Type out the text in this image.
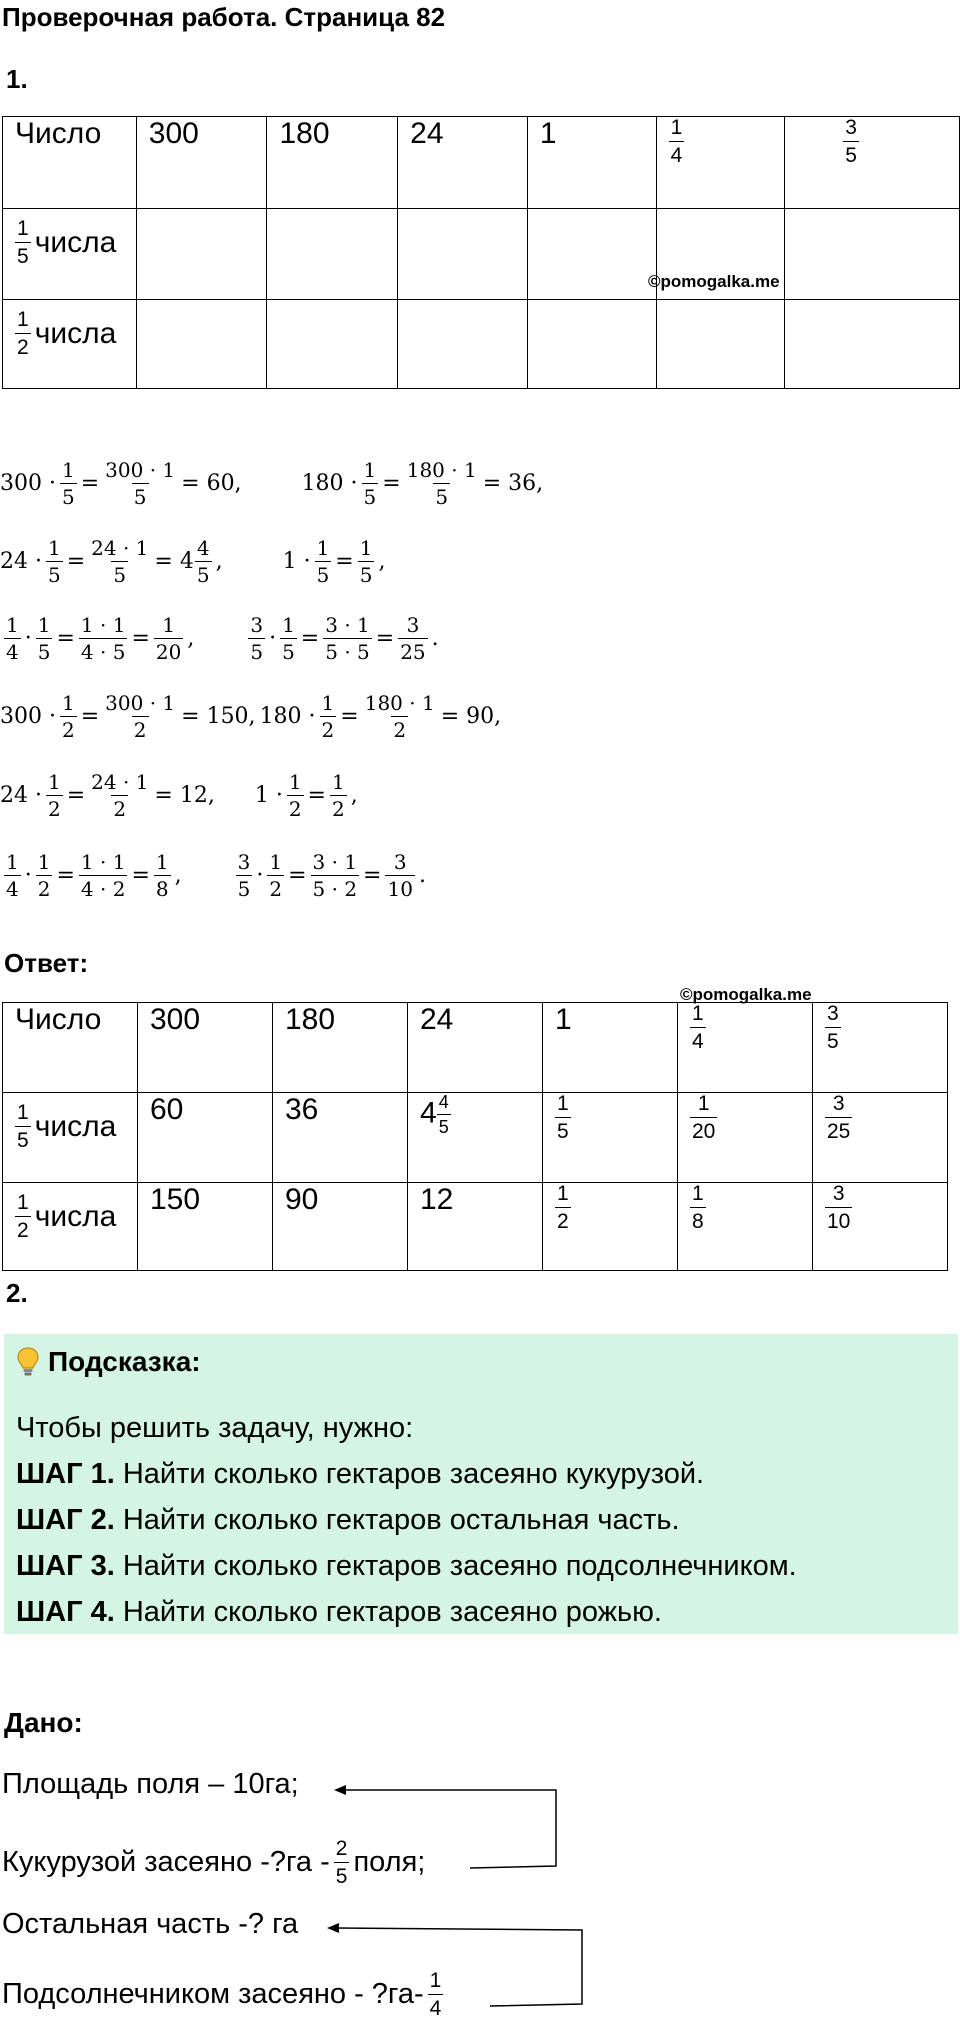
Проверочная работа. Страница 82
1.
Число	300	180	24	1	$\frac{1}{4}$	$\frac{3}{5}$

$\frac{1}{5}$ числа						

$\frac{1}{2}$ числа						

©pomogalka.me
$300 \cdot \frac{1}{5} = \frac{300 \cdot 1}{5} = 60$,	$180 \cdot \frac{1}{5} = \frac{180 \cdot 1}{5} = 36$,
$24 \cdot \frac{1}{5} = \frac{24 \cdot 1}{5} = 4 \frac{4}{5}$ ,	$1 \cdot \frac{1}{5} = \frac{1}{5}$ ,
$\frac{1}{4} \cdot \frac{1}{5} = \frac{1 \cdot 1}{4 \cdot 5} = \frac{1}{20}$ ,	$\frac{3}{5} \cdot \frac{1}{5} = \frac{3 \cdot 1}{5 \cdot 5} = \frac{3}{25}$ .
$300 \cdot \frac{1}{2} = \frac{300 \cdot 1}{2} = 150$, $180 \cdot \frac{1}{2} = \frac{180 \cdot 1}{2} = 90$,
$24 \cdot \frac{1}{2} = \frac{24 \cdot 1}{2} = 12$, $1 \cdot \frac{1}{2} = \frac{1}{2}$ ,
$\frac{1}{4} \cdot \frac{1}{2} = \frac{1 \cdot 1}{4 \cdot 2} = \frac{1}{8}$ ,	$\frac{3}{5} \cdot \frac{1}{2} = \frac{3 \cdot 1}{5 \cdot 2} = \frac{3}{10}$ .
Ответ:
©pomogalka.me
Число	300	180	24	1	$\frac{1}{4}$	$\frac{3}{5}$

$\frac{1}{5}$ числа	60	36	$4 \frac{4}{5}$	$\frac{1}{5}$	$\frac{1}{20}$	$\frac{3}{25}$

$\frac{1}{2}$ числа	150	90	12	$\frac{1}{2}$	$\frac{1}{8}$	$\frac{3}{10}$
2.
Подсказка:
Чтобы решить задачу, нужно:
ШАГ 1. Найти сколько гектаров засеяно кукурузой.
ШАГ 2. Найти сколько гектаров остальная часть.
ШАГ 3. Найти сколько гектаров засеяно подсолнечником.
ШАГ 4. Найти сколько гектаров засеяно рожью.
Дано:
Площадь поля – 10га;
Кукурузой засеяно -?га - $\frac{2}{5}$ поля;
Остальная часть -? га
Подсолнечником засеяно - ?га- $\frac{1}{4}$
